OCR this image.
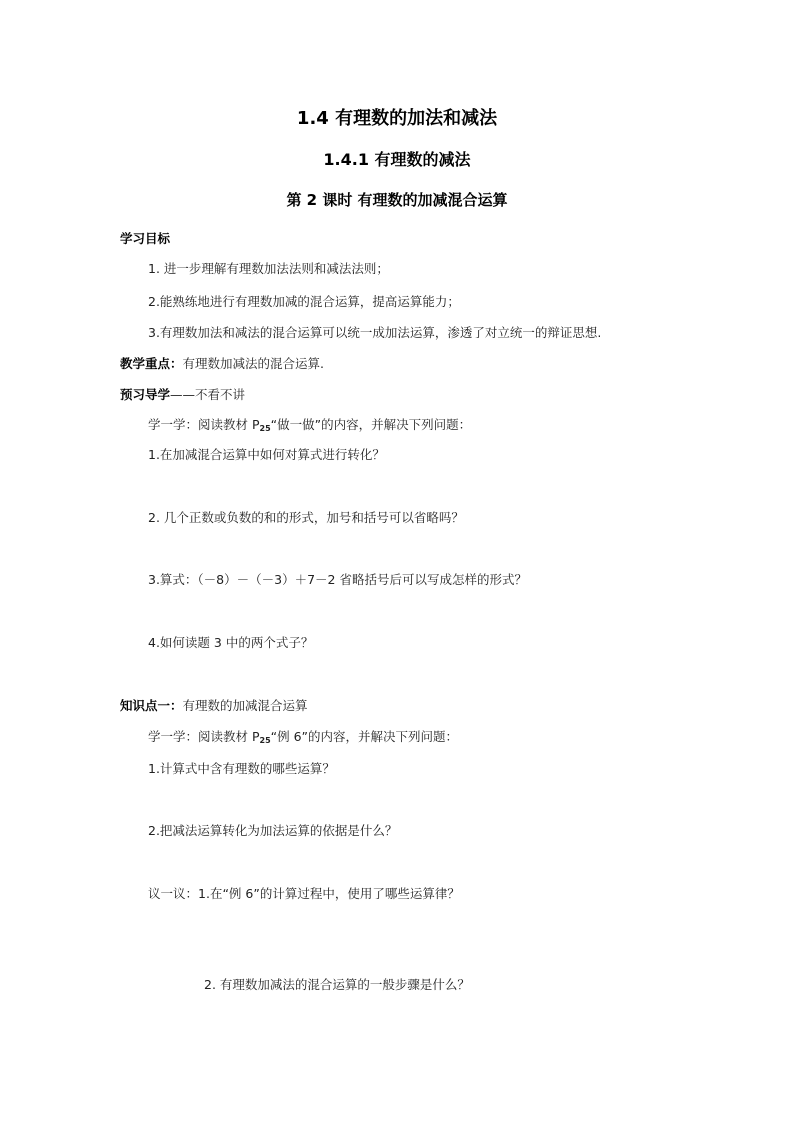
1.4 有理数的加法和减法
1.4.1 有理数的减法
第 2 课时 有理数的加减混合运算
学习目标
1. 进一步理解有理数加法法则和减法法则；
2.能熟练地进行有理数加减的混合运算，提高运算能力；
3.有理数加法和减法的混合运算可以统一成加法运算，渗透了对立统一的辩证思想.
教学重点：有理数加减法的混合运算.
预习导学——不看不讲
学一学：阅读教材 $P_{25}“$做一做”的内容，并解决下列问题：
1.在加减混合运算中如何对算式进行转化？
2. 几个正数或负数的和的形式，加号和括号可以省略吗？
3.算式：（－8）－（－3）＋7－2 省略括号后可以写成怎样的形式？
4.如何读题 3 中的两个式子？
知识点一：有理数的加减混合运算
学一学：阅读教材 $P_{25}“$例 6”的内容，并解决下列问题：
1.计算式中含有理数的哪些运算？
2.把减法运算转化为加法运算的依据是什么？
议一议：1.在“例 6”的计算过程中，使用了哪些运算律？
2. 有理数加减法的混合运算的一般步骤是什么？
